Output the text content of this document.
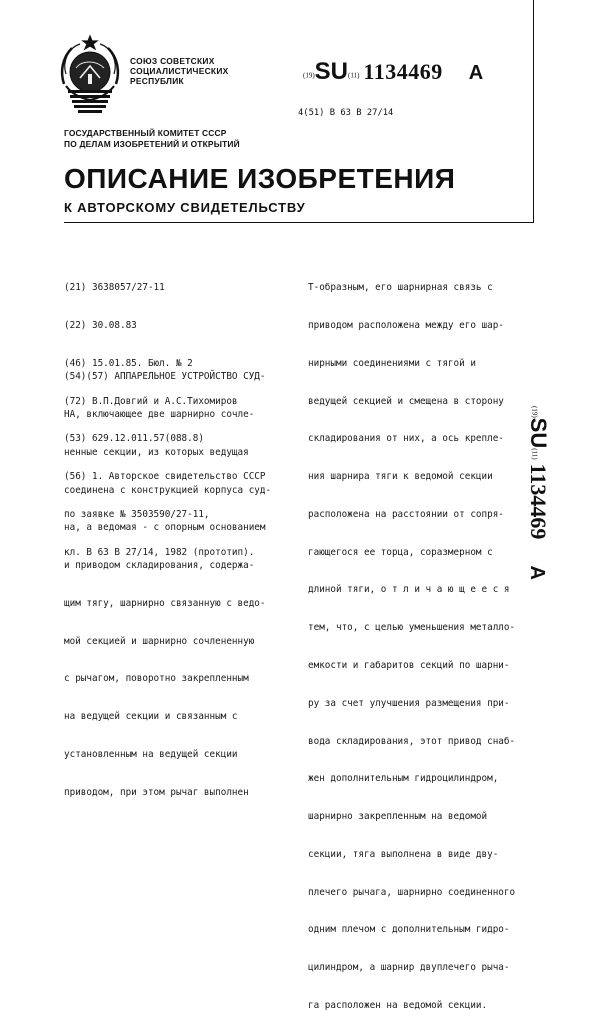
СОЮЗ СОВЕТСКИХ
СОЦИАЛИСТИЧЕСКИХ
РЕСПУБЛИК
(19)SU(11) 1134469 A
4(51) В 63 В 27/14
ГОСУДАРСТВЕННЫЙ КОМИТЕТ СССР
ПО ДЕЛАМ ИЗОБРЕТЕНИЙ И ОТКРЫТИЙ
ОПИСАНИЕ ИЗОБРЕТЕНИЯ
К АВТОРСКОМУ СВИДЕТЕЛЬСТВУ

(21) 3638057/27-11

(22) 30.08.83

(46) 15.01.85. Бюл. № 2

(72) В.П.Довгий и А.С.Тихомиров

(53) 629.12.011.57(088.8)

(56) 1. Авторское свидетельство СССР

по заявке № 3503590/27-11,

кл. В 63 В 27/14, 1982 (прототип).

(54)(57) АППАРЕЛЬНОЕ УСТРОЙСТВО СУД-

НА, включающее две шарнирно сочле-

ненные секции, из которых ведущая

соединена с конструкцией корпуса суд-

на, а ведомая - с опорным основанием

и приводом складирования, содержа-

щим тягу, шарнирно связанную с ведо-

мой секцией и шарнирно сочлененную

с рычагом, поворотно закрепленным

на ведущей секции и связанным с

установленным на ведущей секции

приводом, при этом рычаг выполнен

Т-образным, его шарнирная связь с

приводом расположена между его шар-

нирными соединениями с тягой и

ведущей секцией и смещена в сторону

складирования от них, а ось крепле-

ния шарнира тяги к ведомой секции

расположена на расстоянии от сопря-

гающегося ее торца, соразмерном с

длиной тяги, о т л и ч а ю щ е е с я

тем, что, с целью уменьшения металло-

емкости и габаритов секций по шарни-

ру за счет улучшения размещения при-

вода складирования, этот привод снаб-

жен дополнительным гидроцилиндром,

шарнирно закрепленным на ведомой

секции, тяга выполнена в виде дву-

плечего рычага, шарнирно соединенного

одним плечом с дополнительным гидро-

цилиндром, а шарнир двуплечего рыча-

га расположен на ведомой секции.

(19)SU(11) 1134469 A
